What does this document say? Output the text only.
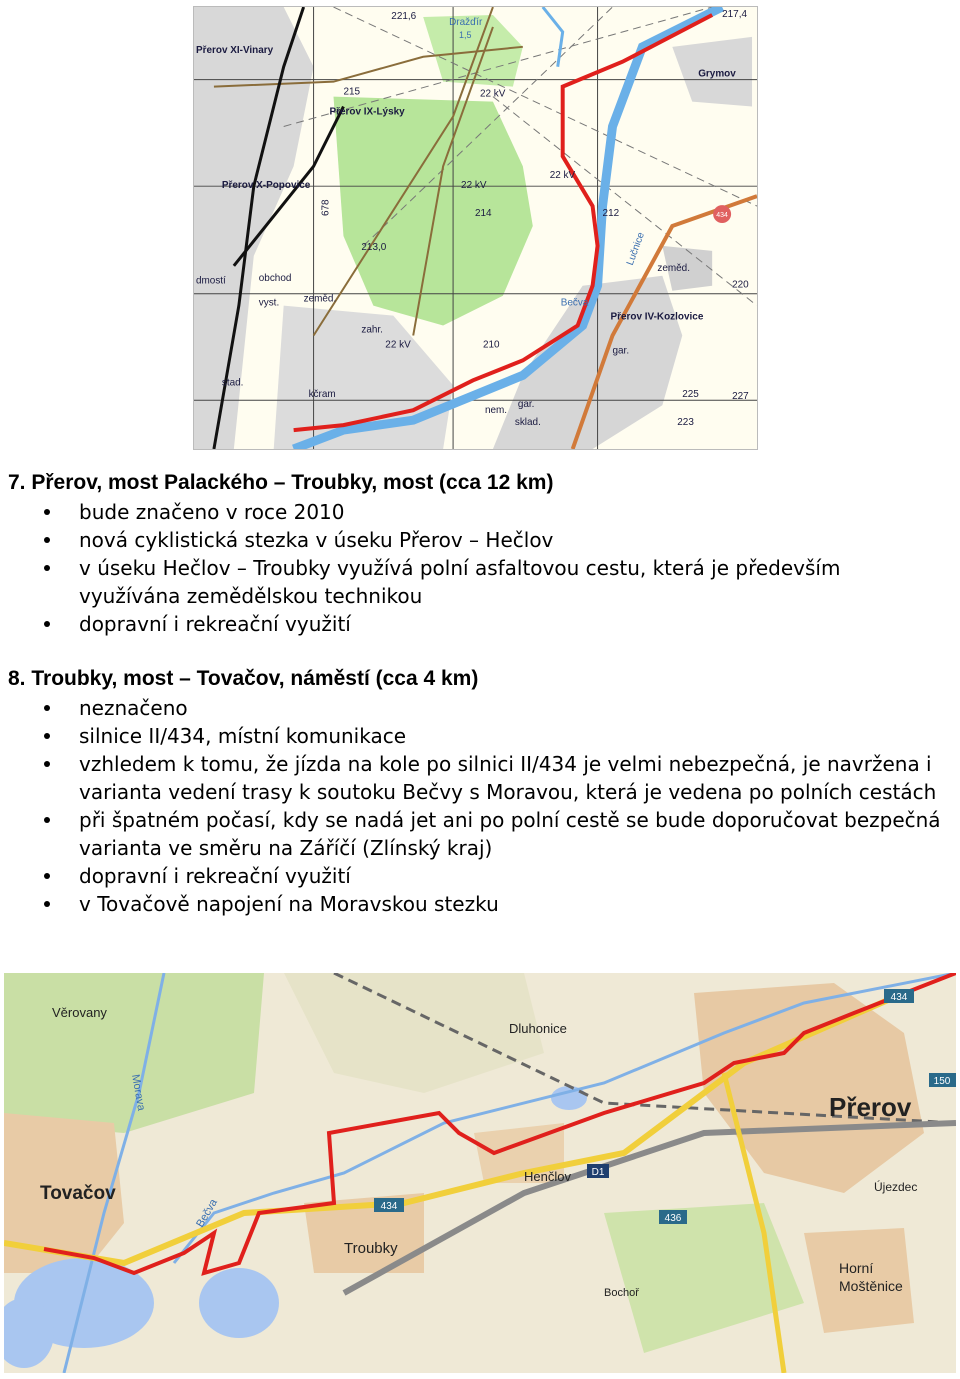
434
Dražďír
1,5
Přerov XI-Vinary
Přerov IX-Lýsky
Přerov X-Popovice
Přerov IV-Kozlovice
Grymov
221,6	217,4
22 kV
22 kV
22 kV
22 kV
215
213,0
210
214	212
220
225	227
223
678
zeměd.
zeměd.
obchod
zahr.
kčram
nem.
sklad.
gar.
gar.
Lučnice
Bečva
stad.
dmostí
vyst.
7. Přerov, most Palackého – Troubky, most (cca 12 km)
bude značeno v roce 2010
nová cyklistická stezka v úseku Přerov – Hečlov
v úseku Hečlov – Troubky využívá polní asfaltovou cestu, která je především
využívána zemědělskou technikou
dopravní i rekreační využití
8. Troubky, most – Tovačov, náměstí (cca 4 km)
neznačeno
silnice II/434, místní komunikace
vzhledem k tomu, že jízda na kole po silnici II/434 je velmi nebezpečná, je navržena i
varianta vedení trasy k soutoku Bečvy s Moravou, která je vedena po polních cestách
při špatném počasí, kdy se nadá jet ani po polní cestě se bude doporučovat bezpečná
varianta ve směru na Záříčí (Zlínský kraj)
dopravní i rekreační využití
v Tovačově napojení na Moravskou stezku
434
150
434
436
D1
Věrovany
Dluhonice
Přerov
Tovačov
Troubky
Henčlov
Újezdec
Horní
Moštěnice
Bochoř
Morava
Bečva
